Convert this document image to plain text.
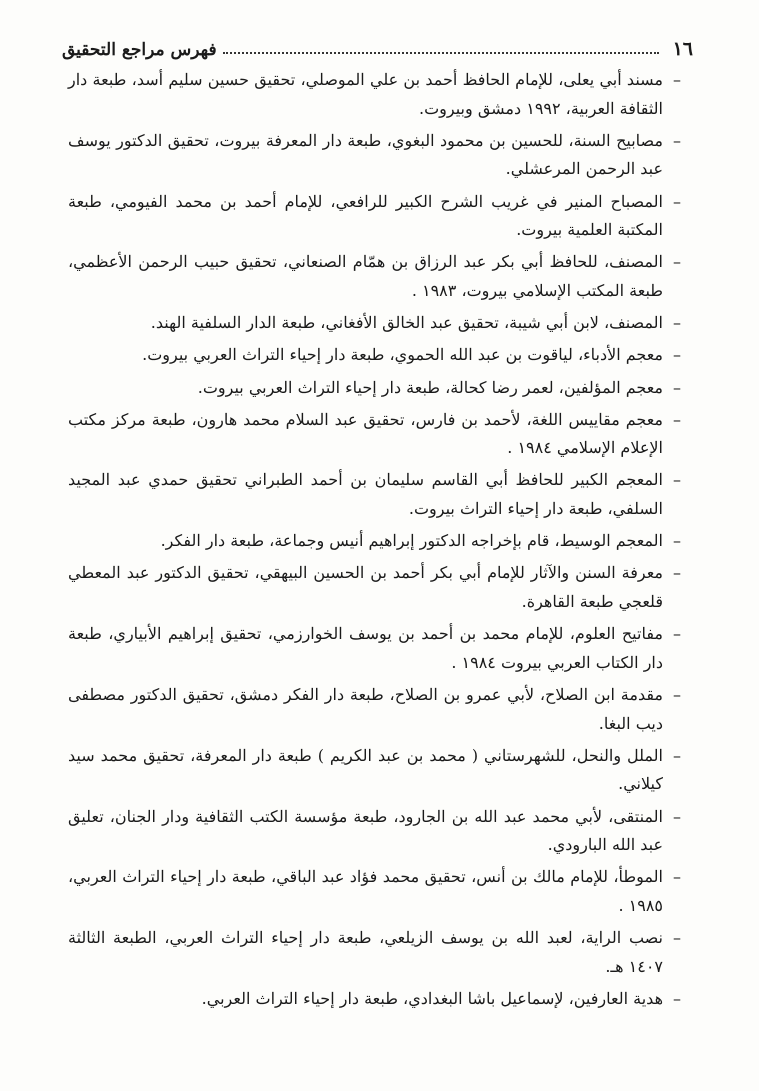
١٦
فهرس مراجع التحقيق
–
مسند أبي يعلى، للإمام الحافظ أحمد بن علي الموصلي، تحقيق حسين سليم أسد، طبعة دار الثقافة العربية، ١٩٩٢ دمشق وبيروت.
–
مصابيح السنة، للحسين بن محمود البغوي، طبعة دار المعرفة بيروت، تحقيق الدكتور يوسف عبد الرحمن المرعشلي.
–
المصباح المنير في غريب الشرح الكبير للرافعي، للإمام أحمد بن محمد الفيومي، طبعة المكتبة العلمية بيروت.
–
المصنف، للحافظ أبي بكر عبد الرزاق بن همّام الصنعاني، تحقيق حبيب الرحمن الأعظمي، طبعة المكتب الإسلامي بيروت، ١٩٨٣ .
–
المصنف، لابن أبي شيبة، تحقيق عبد الخالق الأفغاني، طبعة الدار السلفية الهند.
–
معجم الأدباء، لياقوت بن عبد الله الحموي، طبعة دار إحياء التراث العربي بيروت.
–
معجم المؤلفين، لعمر رضا كحالة، طبعة دار إحياء التراث العربي بيروت.
–
معجم مقاييس اللغة، لأحمد بن فارس، تحقيق عبد السلام محمد هارون، طبعة مركز مكتب الإعلام الإسلامي ١٩٨٤ .
–
المعجم الكبير للحافظ أبي القاسم سليمان بن أحمد الطبراني تحقيق حمدي عبد المجيد السلفي، طبعة دار إحياء التراث بيروت.
–
المعجم الوسيط، قام بإخراجه الدكتور إبراهيم أنيس وجماعة، طبعة دار الفكر.
–
معرفة السنن والآثار للإمام أبي بكر أحمد بن الحسين البيهقي، تحقيق الدكتور عبد المعطي قلعجي طبعة القاهرة.
–
مفاتيح العلوم، للإمام محمد بن أحمد بن يوسف الخوارزمي، تحقيق إبراهيم الأبياري، طبعة دار الكتاب العربي بيروت ١٩٨٤ .
–
مقدمة ابن الصلاح، لأبي عمرو بن الصلاح، طبعة دار الفكر دمشق، تحقيق الدكتور مصطفى ديب البغا.
–
الملل والنحل، للشهرستاني ( محمد بن عبد الكريم ) طبعة دار المعرفة، تحقيق محمد سيد كيلاني.
–
المنتقى، لأبي محمد عبد الله بن الجارود، طبعة مؤسسة الكتب الثقافية ودار الجنان، تعليق عبد الله البارودي.
–
الموطأ، للإمام مالك بن أنس، تحقيق محمد فؤاد عبد الباقي، طبعة دار إحياء التراث العربي، ١٩٨٥ .
–
نصب الراية، لعبد الله بن يوسف الزيلعي، طبعة دار إحياء التراث العربي، الطبعة الثالثة ١٤٠٧ هـ.
–
هدية العارفين، لإسماعيل باشا البغدادي، طبعة دار إحياء التراث العربي.
